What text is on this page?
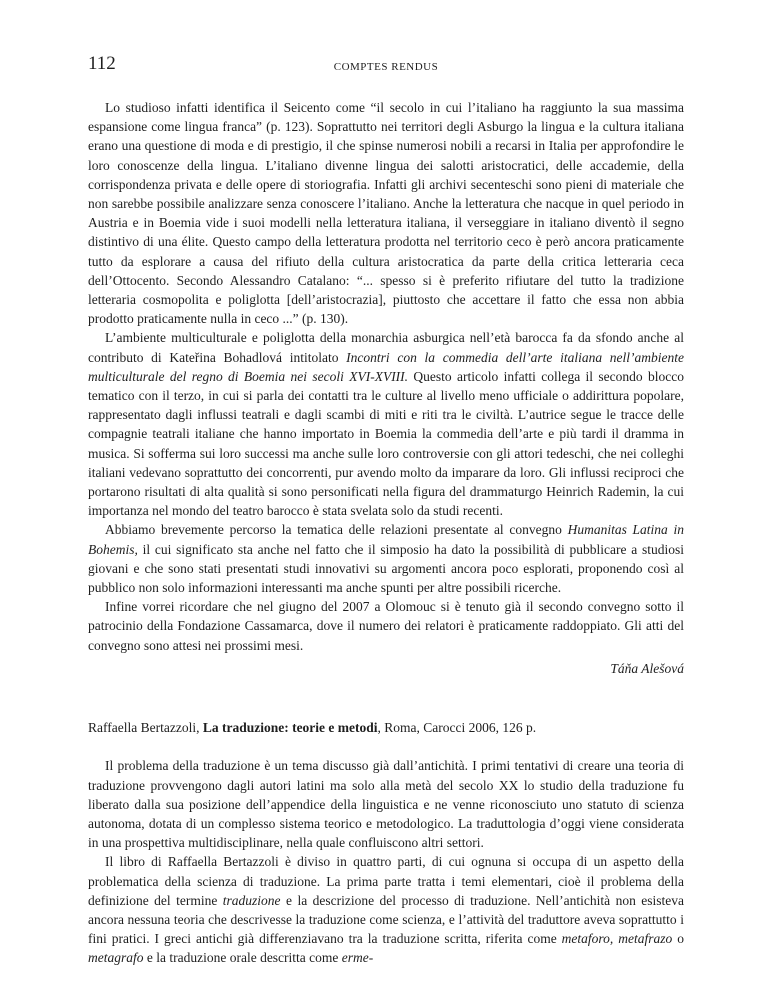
112	COMPTES RENDUS

Lo studioso infatti identifica il Seicento come “il secolo in cui l’italiano ha raggiunto la sua massima espansione come lingua franca” (p. 123). Soprattutto nei territori degli Asburgo la lingua e la cultura italiana erano una questione di moda e di prestigio, il che spinse numerosi nobili a recarsi in Italia per approfondire le loro conoscenze della lingua. L’italiano divenne lingua dei salotti aristocratici, delle accademie, della corrispondenza privata e delle opere di storiografia. Infatti gli archivi secenteschi sono pieni di materiale che non sarebbe possibile analizzare senza conoscere l’italiano. Anche la letteratura che nacque in quel periodo in Austria e in Boemia vide i suoi modelli nella letteratura italiana, il verseggiare in italiano diventò il segno distintivo di una élite. Questo campo della letteratura prodotta nel territorio ceco è però ancora praticamente tutto da esplorare a causa del rifiuto della cultura aristocratica da parte della critica letteraria ceca dell’Ottocento. Secondo Alessandro Catalano: “... spesso si è preferito rifiutare del tutto la tradizione letteraria cosmopolita e poliglotta [dell’aristocrazia], piuttosto che accettare il fatto che essa non abbia prodotto praticamente nulla in ceco ...” (p. 130).

L’ambiente multiculturale e poliglotta della monarchia asburgica nell’età barocca fa da sfondo anche al contributo di Kateřina Bohadlová intitolato Incontri con la commedia dell’arte italiana nell’ambiente multiculturale del regno di Boemia nei secoli XVI-XVIII. Questo articolo infatti collega il secondo blocco tematico con il terzo, in cui si parla dei contatti tra le culture al livello meno ufficiale o addirittura popolare, rappresentato dagli influssi teatrali e dagli scambi di miti e riti tra le civiltà. L’autrice segue le tracce delle compagnie teatrali italiane che hanno importato in Boemia la commedia dell’arte e più tardi il dramma in musica. Si sofferma sui loro successi ma anche sulle loro controversie con gli attori tedeschi, che nei colleghi italiani vedevano soprattutto dei concorrenti, pur avendo molto da imparare da loro. Gli influssi reciproci che portarono risultati di alta qualità si sono personificati nella figura del drammaturgo Heinrich Rademin, la cui importanza nel mondo del teatro barocco è stata svelata solo da studi recenti.

Abbiamo brevemente percorso la tematica delle relazioni presentate al convegno Humanitas Latina in Bohemis, il cui significato sta anche nel fatto che il simposio ha dato la possibilità di pubblicare a studiosi giovani e che sono stati presentati studi innovativi su argomenti ancora poco esplorati, proponendo così al pubblico non solo informazioni interessanti ma anche spunti per altre possibili ricerche.

Infine vorrei ricordare che nel giugno del 2007 a Olomouc si è tenuto già il secondo convegno sotto il patrocinio della Fondazione Cassamarca, dove il numero dei relatori è praticamente raddoppiato. Gli atti del convegno sono attesi nei prossimi mesi.

Táňa Alešová

Raffaella Bertazzoli, La traduzione: teorie e metodi, Roma, Carocci 2006, 126 p.

Il problema della traduzione è un tema discusso già dall’antichità. I primi tentativi di creare una teoria di traduzione provvengono dagli autori latini ma solo alla metà del secolo XX lo studio della traduzione fu liberato dalla sua posizione dell’appendice della linguistica e ne venne riconosciuto uno statuto di scienza autonoma, dotata di un complesso sistema teorico e metodologico. La traduttologia d’oggi viene considerata in una prospettiva multidisciplinare, nella quale confluiscono altri settori.

Il libro di Raffaella Bertazzoli è diviso in quattro parti, di cui ognuna si occupa di un aspetto della problematica della scienza di traduzione. La prima parte tratta i temi elementari, cioè il problema della definizione del termine traduzione e la descrizione del processo di traduzione. Nell’antichità non esisteva ancora nessuna teoria che descrivesse la traduzione come scienza, e l’attività del traduttore aveva soprattutto i fini pratici. I greci antichi già differenziavano tra la traduzione scritta, riferita come metaforo, metafrazo o metagrafo e la traduzione orale descritta come erme-
